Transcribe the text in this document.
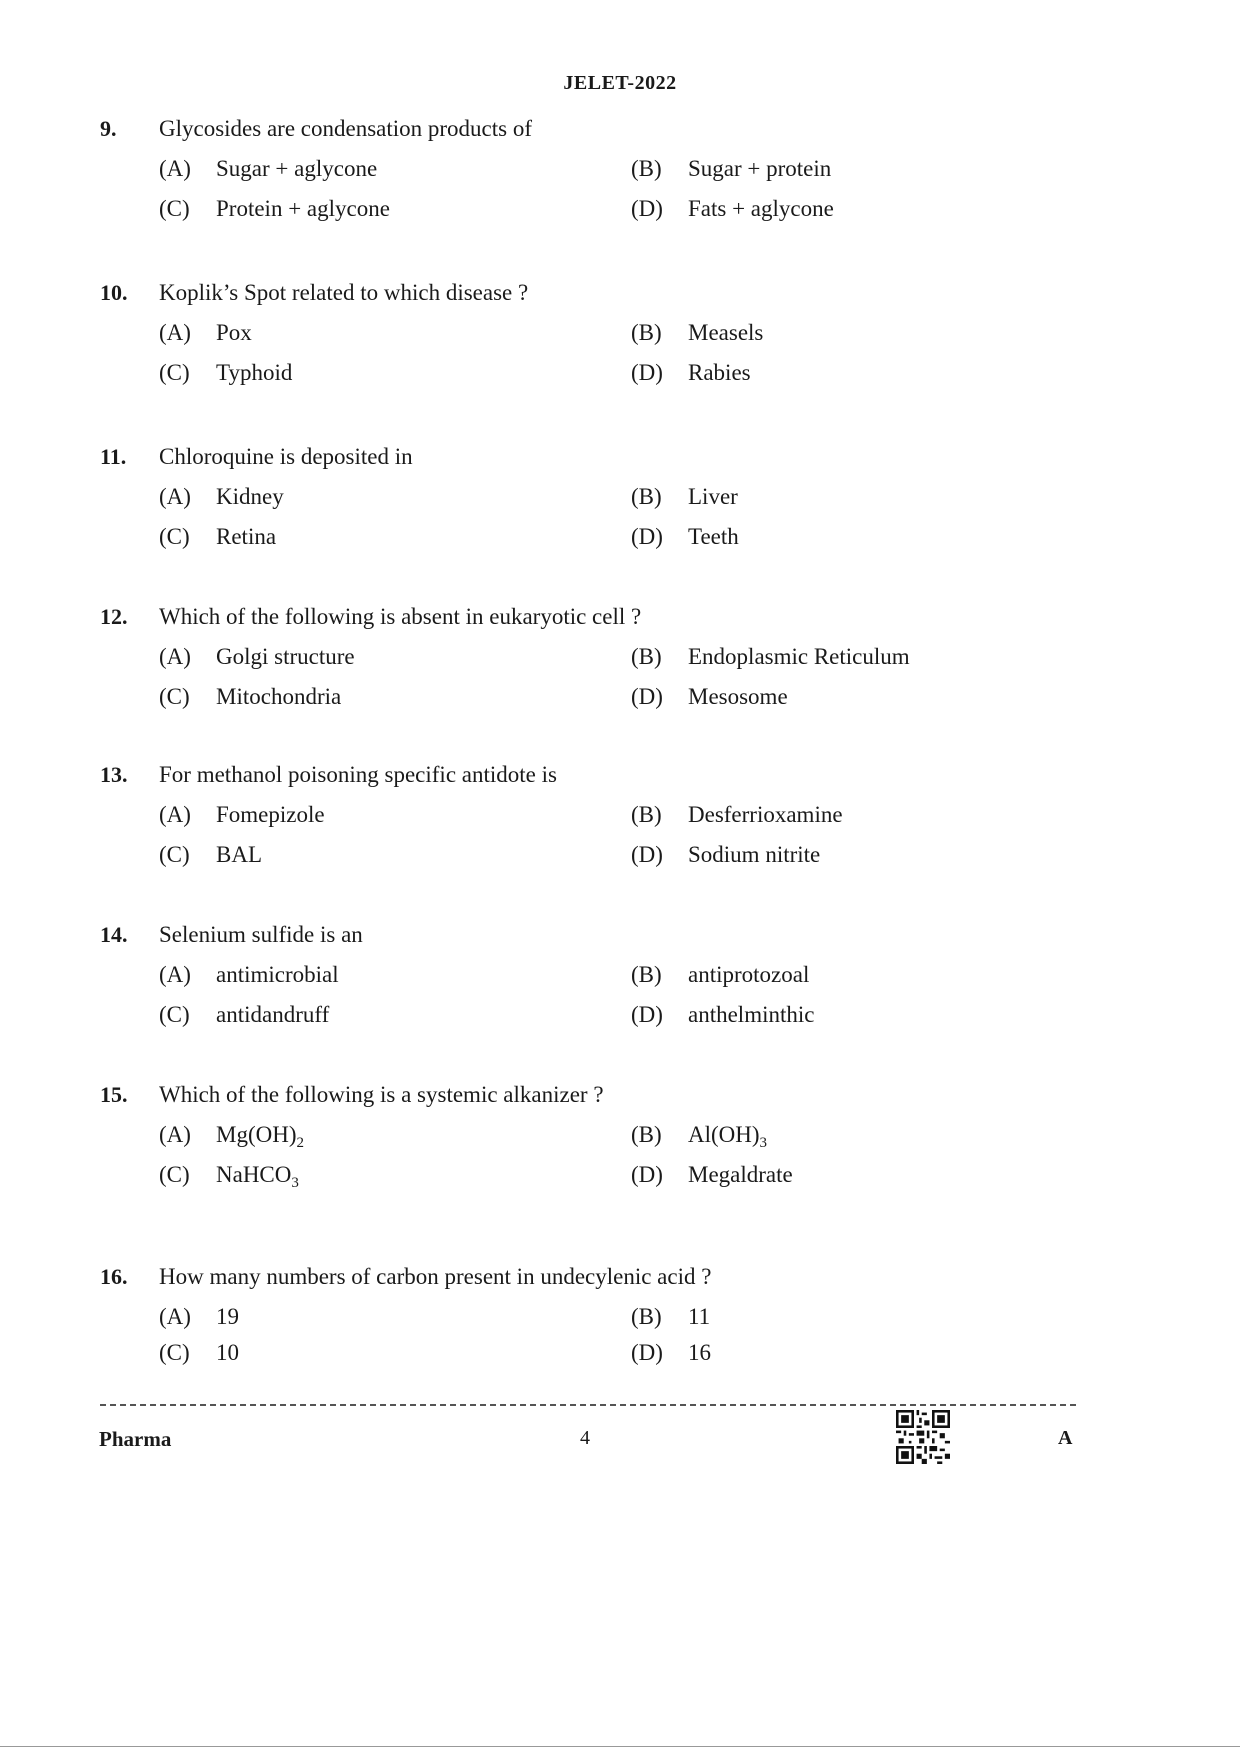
JELET-2022
9. Glycosides are condensation products of
(A) Sugar + aglycone	(B) Sugar + protein
(C) Protein + aglycone	(D) Fats + aglycone
10. Koplik’s Spot related to which disease ?
(A) Pox	(B) Measels
(C) Typhoid	(D) Rabies
11. Chloroquine is deposited in
(A) Kidney	(B) Liver
(C) Retina	(D) Teeth
12. Which of the following is absent in eukaryotic cell ?
(A) Golgi structure	(B) Endoplasmic Reticulum
(C) Mitochondria	(D) Mesosome
13. For methanol poisoning specific antidote is
(A) Fomepizole	(B) Desferrioxamine
(C) BAL	(D) Sodium nitrite
14. Selenium sulfide is an
(A) antimicrobial	(B) antiprotozoal
(C) antidandruff	(D) anthelminthic
15. Which of the following is a systemic alkanizer ?
(A) $Mg(OH)_2$	(B) $Al(OH)_3$
(C) NaHCO$_3$	(D) Megaldrate
16. How many numbers of carbon present in undecylenic acid ?
(A) 19	(B) 11
(C) 10	(D) 16
Pharma	4	A
